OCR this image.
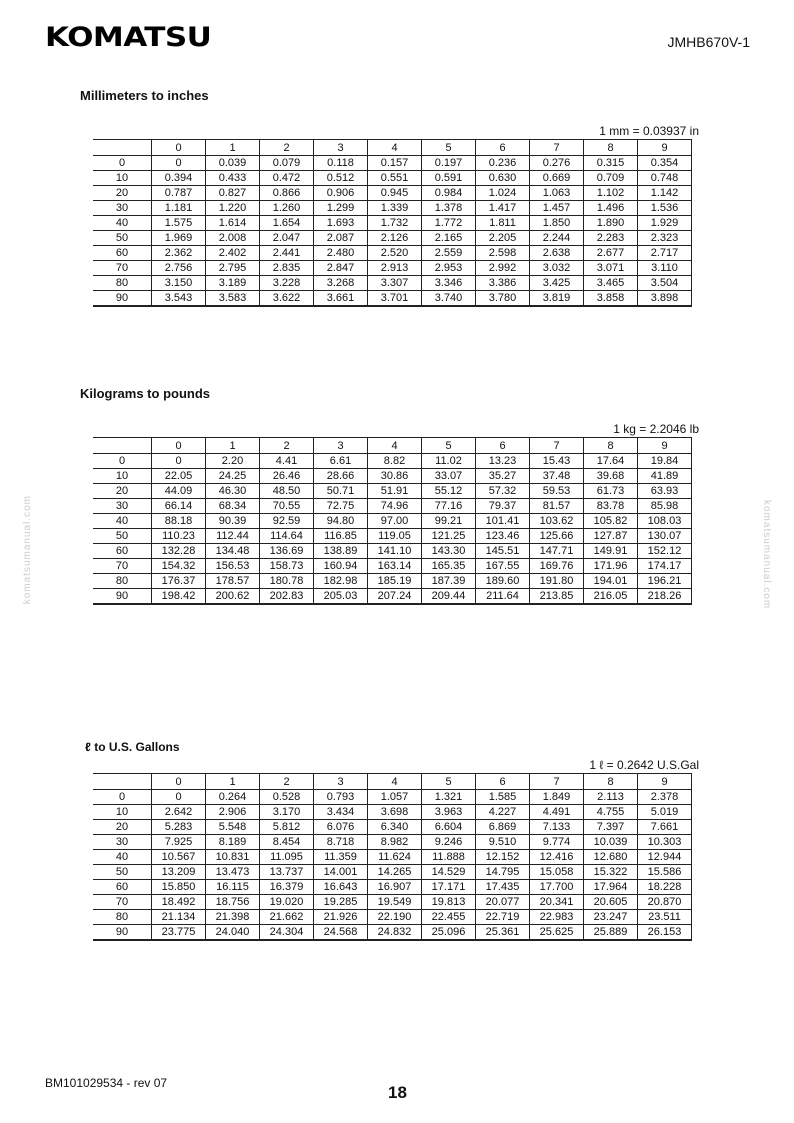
KOMATSU	JMHB670V-1
Millimeters to inches
1 mm = 0.03937 in
	0	1	2	3	4	5	6	7	8	9
0	0	0.039	0.079	0.118	0.157	0.197	0.236	0.276	0.315	0.354
10	0.394	0.433	0.472	0.512	0.551	0.591	0.630	0.669	0.709	0.748
20	0.787	0.827	0.866	0.906	0.945	0.984	1.024	1.063	1.102	1.142
30	1.181	1.220	1.260	1.299	1.339	1.378	1.417	1.457	1.496	1.536
40	1.575	1.614	1.654	1.693	1.732	1.772	1.811	1.850	1.890	1.929
50	1.969	2.008	2.047	2.087	2.126	2.165	2.205	2.244	2.283	2.323
60	2.362	2.402	2.441	2.480	2.520	2.559	2.598	2.638	2.677	2.717
70	2.756	2.795	2.835	2.847	2.913	2.953	2.992	3.032	3.071	3.110
80	3.150	3.189	3.228	3.268	3.307	3.346	3.386	3.425	3.465	3.504
90	3.543	3.583	3.622	3.661	3.701	3.740	3.780	3.819	3.858	3.898
Kilograms to pounds
1 kg = 2.2046 lb
	0	1	2	3	4	5	6	7	8	9
0	0	2.20	4.41	6.61	8.82	11.02	13.23	15.43	17.64	19.84
10	22.05	24.25	26.46	28.66	30.86	33.07	35.27	37.48	39.68	41.89
20	44.09	46.30	48.50	50.71	51.91	55.12	57.32	59.53	61.73	63.93
30	66.14	68.34	70.55	72.75	74.96	77.16	79.37	81.57	83.78	85.98
40	88.18	90.39	92.59	94.80	97.00	99.21	101.41	103.62	105.82	108.03
50	110.23	112.44	114.64	116.85	119.05	121.25	123.46	125.66	127.87	130.07
60	132.28	134.48	136.69	138.89	141.10	143.30	145.51	147.71	149.91	152.12
70	154.32	156.53	158.73	160.94	163.14	165.35	167.55	169.76	171.96	174.17
80	176.37	178.57	180.78	182.98	185.19	187.39	189.60	191.80	194.01	196.21
90	198.42	200.62	202.83	205.03	207.24	209.44	211.64	213.85	216.05	218.26
ℓ to U.S. Gallons
1 ℓ = 0.2642 U.S.Gal
	0	1	2	3	4	5	6	7	8	9
0	0	0.264	0.528	0.793	1.057	1.321	1.585	1.849	2.113	2.378
10	2.642	2.906	3.170	3.434	3.698	3.963	4.227	4.491	4.755	5.019
20	5.283	5.548	5.812	6.076	6.340	6.604	6.869	7.133	7.397	7.661
30	7.925	8.189	8.454	8.718	8.982	9.246	9.510	9.774	10.039	10.303
40	10.567	10.831	11.095	11.359	11.624	11.888	12.152	12.416	12.680	12.944
50	13.209	13.473	13.737	14.001	14.265	14.529	14.795	15.058	15.322	15.586
60	15.850	16.115	16.379	16.643	16.907	17.171	17.435	17.700	17.964	18.228
70	18.492	18.756	19.020	19.285	19.549	19.813	20.077	20.341	20.605	20.870
80	21.134	21.398	21.662	21.926	22.190	22.455	22.719	22.983	23.247	23.511
90	23.775	24.040	24.304	24.568	24.832	25.096	25.361	25.625	25.889	26.153
komatsumanual.com	komatsumanual.com
BM101029534 - rev 07	18
